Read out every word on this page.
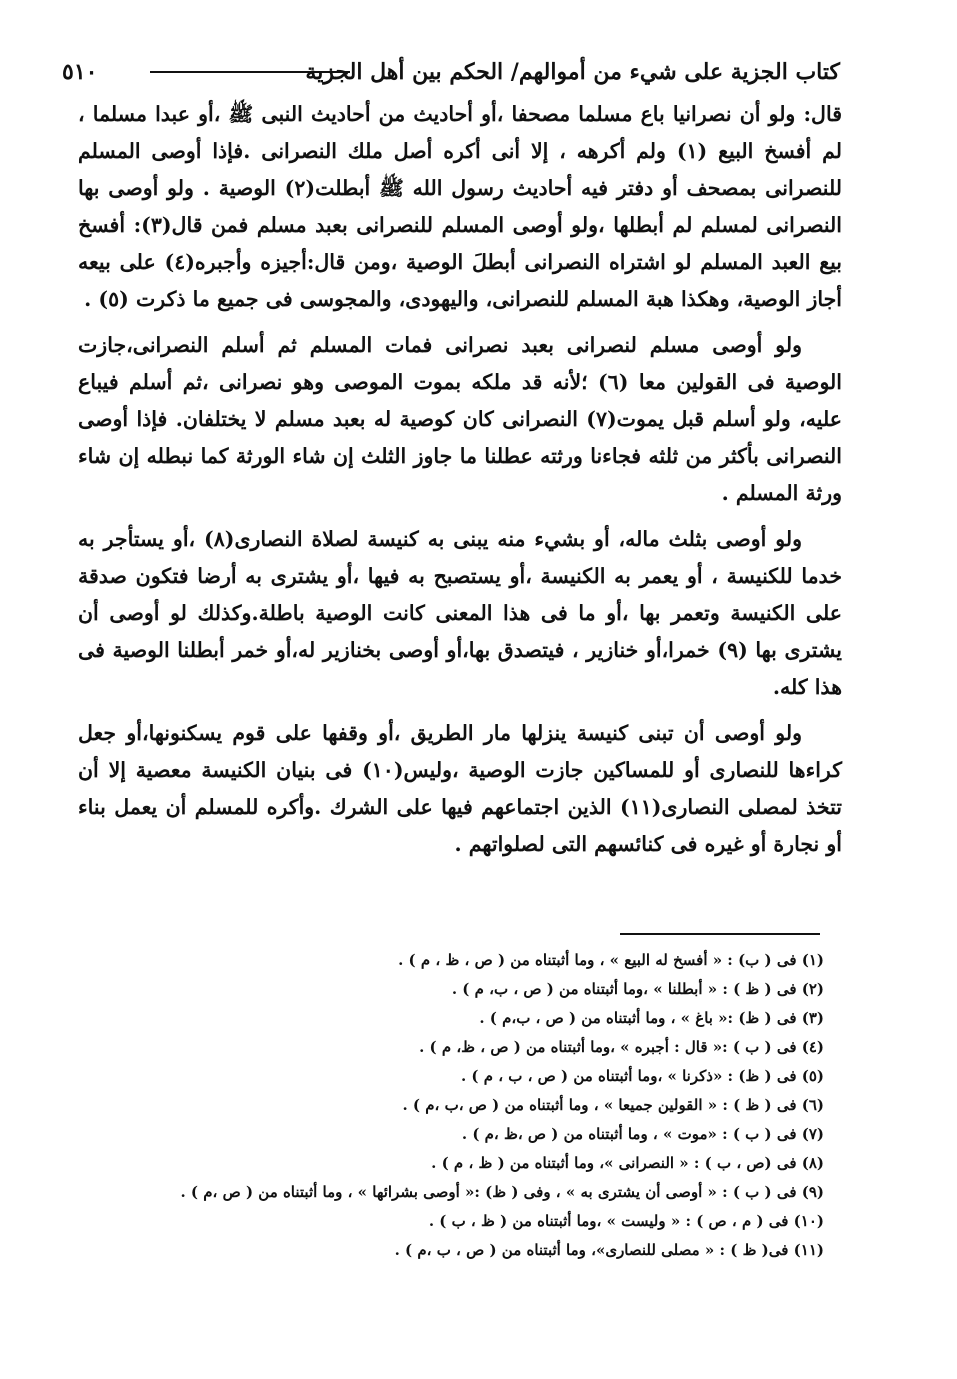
كتاب الجزية على شيء من أموالهم/ الحكم بين أهل الجزية
٥١٠

قال: ولو أن نصرانيا باع مسلما مصحفا ،أو أحاديث من أحاديث النبى ﷺ ،أو عبدا مسلما ، لم أفسخ البيع (١) ولم أكرهه ، إلا أنى أكره أصل ملك النصرانى .فإذا أوصى المسلم للنصرانى بمصحف أو دفتر فيه أحاديث رسول الله ﷺ أبطلت(٢) الوصية . ولو أوصى بها النصرانى لمسلم لم أبطلها ،ولو أوصى المسلم للنصرانى بعبد مسلم فمن قال(٣): أفسخ بيع العبد المسلم لو اشتراه النصرانى أبطلَ الوصية ،ومن قال:أجيزه وأجبره(٤) على بيعه أجاز الوصية، وهكذا هبة المسلم للنصرانى، واليهودى، والمجوسى فى جميع ما ذكرت (٥) .

ولو أوصى مسلم لنصرانى بعبد نصرانى فمات المسلم ثم أسلم النصرانى،جازت الوصية فى القولين معا (٦) ؛لأنه قد ملكه بموت الموصى وهو نصرانى ،ثم أسلم فيباع عليه، ولو أسلم قبل يموت(٧) النصرانى كان كوصية له بعبد مسلم لا يختلفان. فإذا أوصى النصرانى بأكثر من ثلثه فجاءنا ورثته عطلنا ما جاوز الثلث إن شاء الورثة كما نبطله إن شاء ورثة المسلم .

ولو أوصى بثلث ماله، أو بشيء منه يبنى به كنيسة لصلاة النصارى(٨) ،أو يستأجر به خدما للكنيسة ، أو يعمر به الكنيسة ،أو يستصبح به فيها ،أو يشترى به أرضا فتكون صدقة على الكنيسة وتعمر بها ،أو ما فى هذا المعنى كانت الوصية باطلة.وكذلك لو أوصى أن يشترى بها (٩) خمرا،أو خنازير ، فيتصدق بها،أو أوصى بخنازير له،أو خمر أبطلنا الوصية فى هذا كله.

ولو أوصى أن تبنى كنيسة ينزلها مار الطريق ،أو وقفها على قوم يسكنونها،أو جعل كراءها للنصارى أو للمساكين جازت الوصية ،وليس(١٠) فى بنيان الكنيسة معصية إلا أن تتخذ لمصلى النصارى(١١) الذين اجتماعهم فيها على الشرك .وأكره للمسلم أن يعمل بناء أو نجارة أو غيره فى كنائسهم التى لصلواتهم .

(١) فى ( ب) : « أفسخ له البيع » ، وما أثبتناه من ( ص ، ظ ، م ) .
(٢) فى ( ظ ) : « أبطلنا » ،وما أثبتناه من ( ص ، ب، م ) .
(٣) فى ( ظ) :« باغ » ، وما أثبتناه من ( ص ، ب،م ) .
(٤) فى ( ب ) :« قال : أجبره » ،وما أثبتناه من ( ص ، ظ، م ) .
(٥) فى ( ظ) : «ذكرنا » ،وما أثبتناه من ( ص ، ب ، م ) .
(٦) فى ( ظ ) : « القولين جميعا » ، وما أثبتناه من ( ص ،ب ،م ) .
(٧) فى ( ب ) : «موت » ، وما أثبتناه من ( ص ،ظ ،م ) .
(٨) فى (ص ، ب ) : « النصرانى »، وما أثبتناه من ( ظ ، م ) .
(٩) فى ( ب ) : « أوصى أن يشترى به » ، وفى ( ظ) :« أوصى بشرائها » ، وما أثبتناه من ( ص ،م ) .
(١٠) فى ( م ، ص ) : « وليست » ،وما أثبتناه من ( ظ ، ب ) .
(١١) فى( ظ ) : « مصلى للنصارى»، وما أثبتناه من ( ص ، ب ،م ) .
